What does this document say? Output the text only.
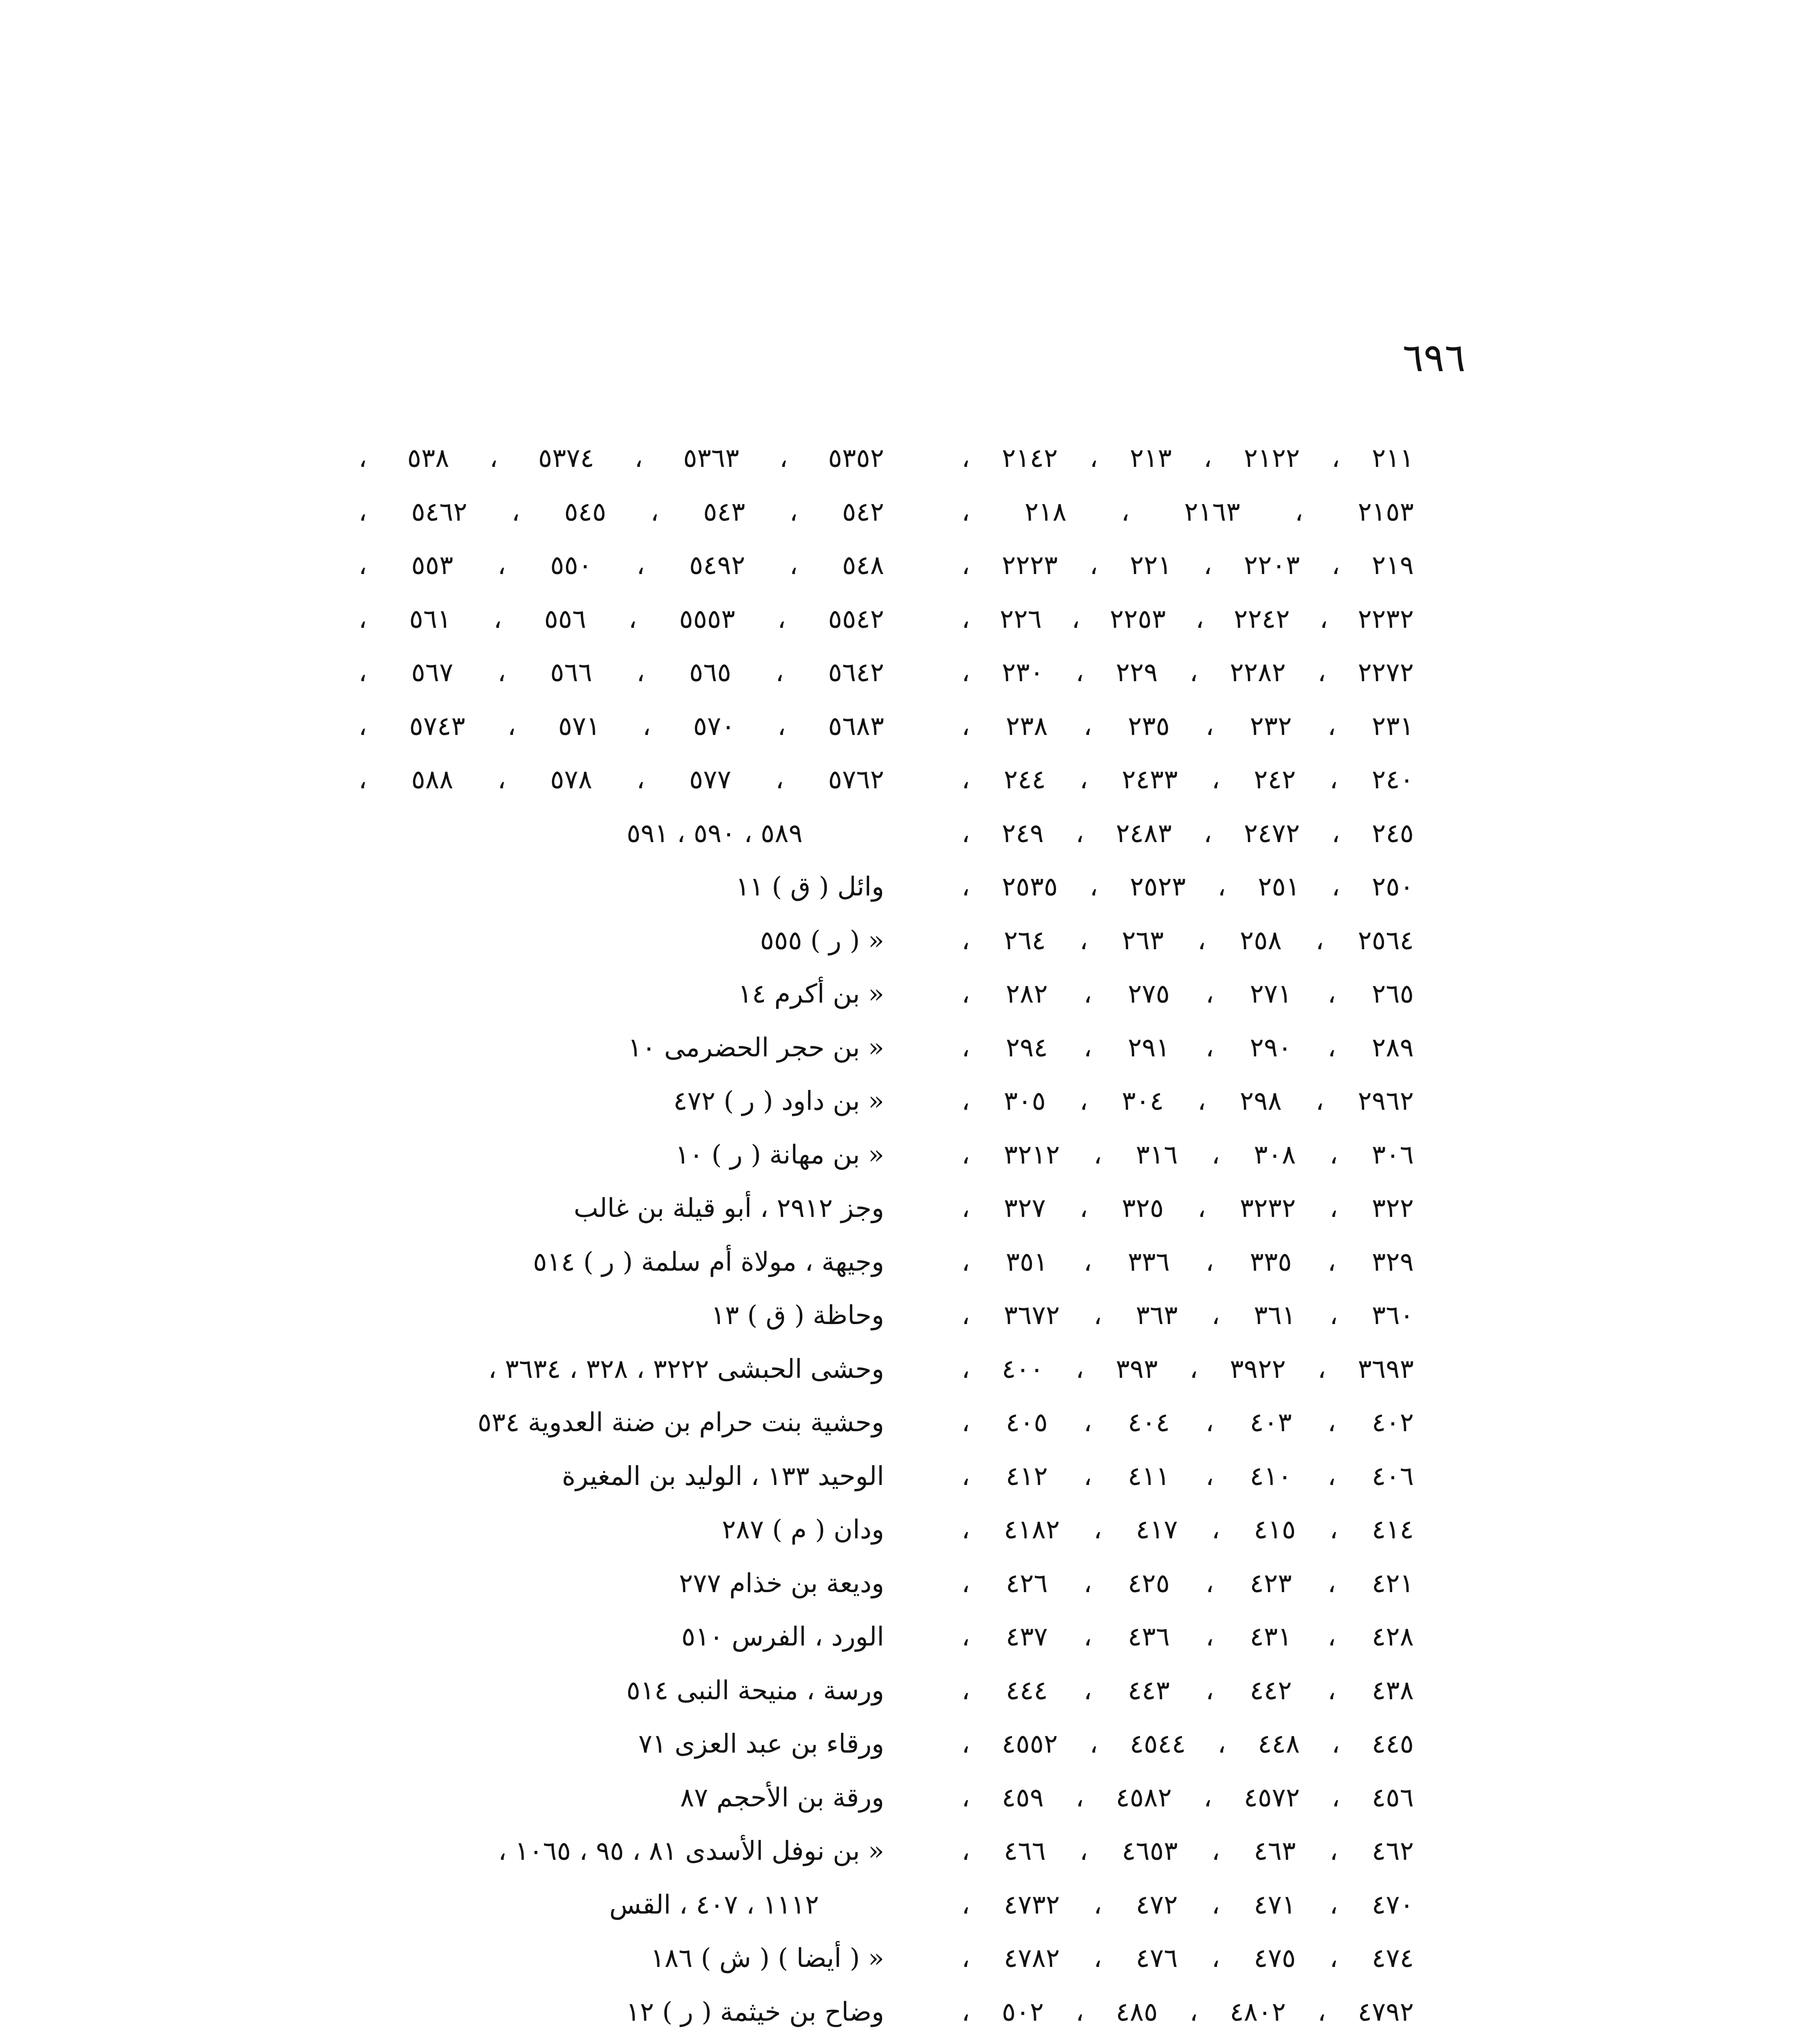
٦٩٦
٢١١ ، ٢١٢٢ ، ٢١٣ ، ٢١٤٢ ،
٢١٥٣ ، ٢١٦٣ ، ٢١٨ ،
٢١٩ ، ٢٢٠٣ ، ٢٢١ ، ٢٢٢٣ ،
٢٢٣٢ ، ٢٢٤٢ ، ٢٢٥٣ ، ٢٢٦ ،
٢٢٧٢ ، ٢٢٨٢ ، ٢٢٩ ، ٢٣٠ ،
٢٣١ ، ٢٣٢ ، ٢٣٥ ، ٢٣٨ ،
٢٤٠ ، ٢٤٢ ، ٢٤٣٣ ، ٢٤٤ ،
٢٤٥ ، ٢٤٧٢ ، ٢٤٨٣ ، ٢٤٩ ،
٢٥٠ ، ٢٥١ ، ٢٥٢٣ ، ٢٥٣٥ ،
٢٥٦٤ ، ٢٥٨ ، ٢٦٣ ، ٢٦٤ ،
٢٦٥ ، ٢٧١ ، ٢٧٥ ، ٢٨٢ ،
٢٨٩ ، ٢٩٠ ، ٢٩١ ، ٢٩٤ ،
٢٩٦٢ ، ٢٩٨ ، ٣٠٤ ، ٣٠٥ ،
٣٠٦ ، ٣٠٨ ، ٣١٦ ، ٣٢١٢ ،
٣٢٢ ، ٣٢٣٢ ، ٣٢٥ ، ٣٢٧ ،
٣٢٩ ، ٣٣٥ ، ٣٣٦ ، ٣٥١ ،
٣٦٠ ، ٣٦١ ، ٣٦٣ ، ٣٦٧٢ ،
٣٦٩٣ ، ٣٩٢٢ ، ٣٩٣ ، ٤٠٠ ،
٤٠٢ ، ٤٠٣ ، ٤٠٤ ، ٤٠٥ ،
٤٠٦ ، ٤١٠ ، ٤١١ ، ٤١٢ ،
٤١٤ ، ٤١٥ ، ٤١٧ ، ٤١٨٢ ،
٤٢١ ، ٤٢٣ ، ٤٢٥ ، ٤٢٦ ،
٤٢٨ ، ٤٣١ ، ٤٣٦ ، ٤٣٧ ،
٤٣٨ ، ٤٤٢ ، ٤٤٣ ، ٤٤٤ ،
٤٤٥ ، ٤٤٨ ، ٤٥٤٤ ، ٤٥٥٢ ،
٤٥٦ ، ٤٥٧٢ ، ٤٥٨٢ ، ٤٥٩ ،
٤٦٢ ، ٤٦٣ ، ٤٦٥٣ ، ٤٦٦ ،
٤٧٠ ، ٤٧١ ، ٤٧٢ ، ٤٧٣٢ ،
٤٧٤ ، ٤٧٥ ، ٤٧٦ ، ٤٧٨٢ ،
٤٧٩٢ ، ٤٨٠٢ ، ٤٨٥ ، ٥٠٢ ،
٥٣٥٢ ، ٥٣٦٣ ، ٥٣٧٤ ، ٥٣٨ ،
٥٤٢ ، ٥٤٣ ، ٥٤٥ ، ٥٤٦٢ ،
٥٤٨ ، ٥٤٩٢ ، ٥٥٠ ، ٥٥٣ ،
٥٥٤٢ ، ٥٥٥٣ ، ٥٥٦ ، ٥٦١ ،
٥٦٤٢ ، ٥٦٥ ، ٥٦٦ ، ٥٦٧ ،
٥٦٨٣ ، ٥٧٠ ، ٥٧١ ، ٥٧٤٣ ،
٥٧٦٢ ، ٥٧٧ ، ٥٧٨ ، ٥٨٨ ،
٥٨٩ ، ٥٩٠ ، ٥٩١
وائل ( ق ) ١١
« ( ر ) ٥٥٥
« بن أكرم ١٤
« بن حجر الحضرمى ١٠
« بن داود ( ر ) ٤٧٢
« بن مهانة ( ر ) ١٠
وجز ٢٩١٢ ، أبو قيلة بن غالب
وجيهة ، مولاة أم سلمة ( ر ) ٥١٤
وحاظة ( ق ) ١٣
وحشى الحبشى ٣٢٢٢ ، ٣٢٨ ، ٣٦٣٤ ،
وحشية بنت حرام بن ضنة العدوية ٥٣٤
الوحيد ١٣٣ ، الوليد بن المغيرة
ودان ( م ) ٢٨٧
وديعة بن خذام ٢٧٧
الورد ، الفرس ٥١٠
ورسة ، منيحة النبى ٥١٤
ورقاء بن عبد العزى ٧١
ورقة بن الأحجم ٨٧
« بن نوفل الأسدى ٨١ ، ٩٥ ، ١٠٦٥ ،
١١١٢ ، ٤٠٧ ، القس
« ( أيضا ) ( ش ) ١٨٦
وضاح بن خيثمة ( ر ) ١٢
